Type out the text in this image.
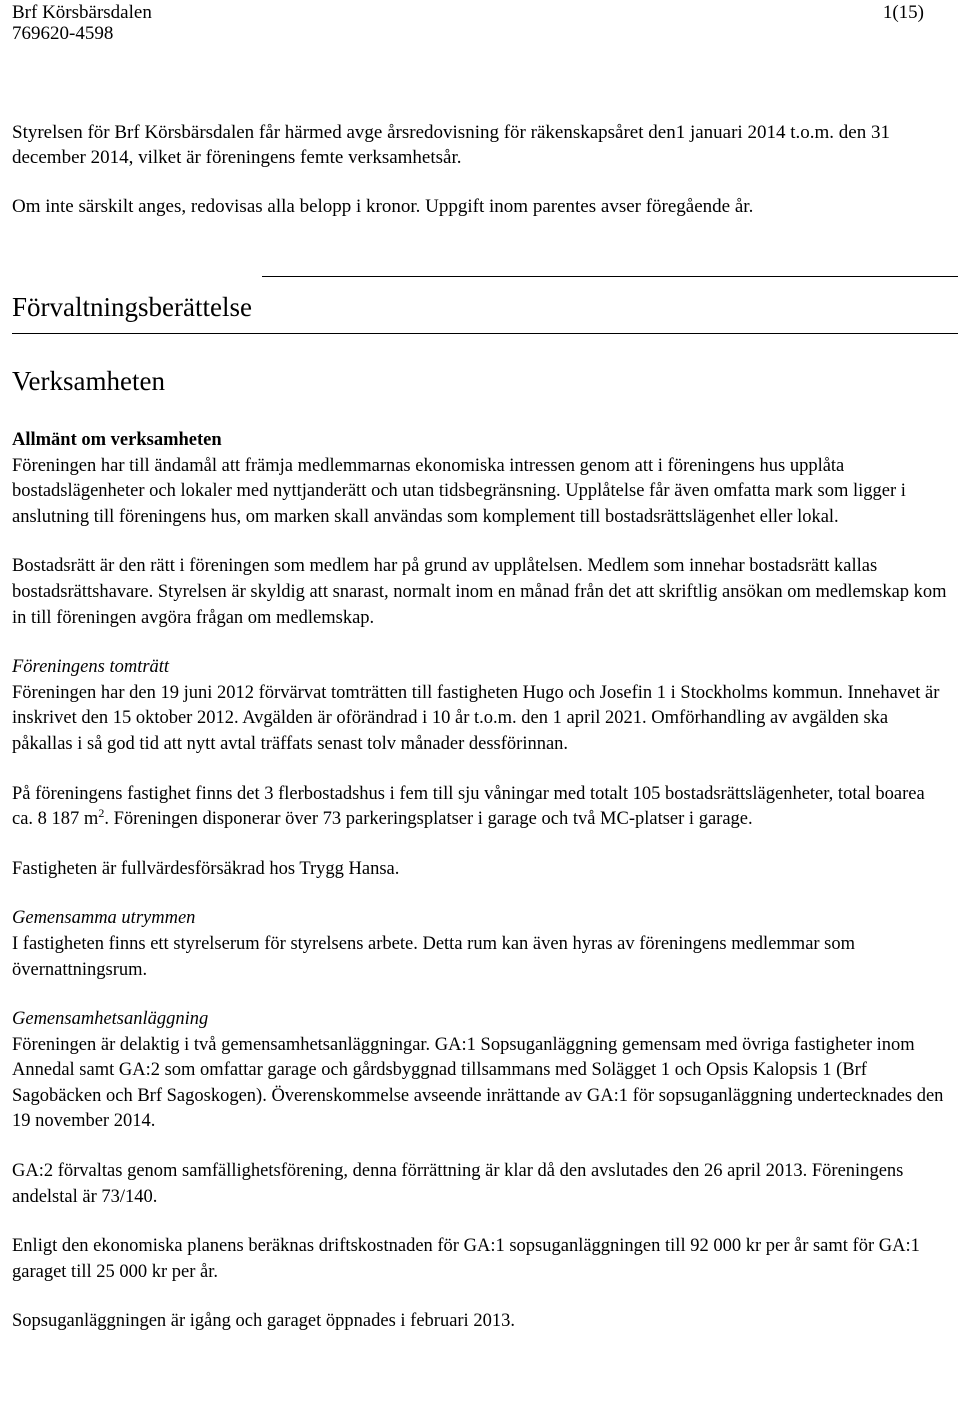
Brf Körsbärsdalen
769620-4598
1(15)

Styrelsen för Brf Körsbärsdalen får härmed avge årsredovisning för räkenskapsåret den1 januari 2014 t.o.m. den 31 december 2014, vilket är föreningens femte verksamhetsår.

Om inte särskilt anges, redovisas alla belopp i kronor. Uppgift inom parentes avser föregående år.

Förvaltningsberättelse
Verksamheten
Allmänt om verksamheten

Föreningen har till ändamål att främja medlemmarnas ekonomiska intressen genom att i föreningens hus upplåta bostadslägenheter och lokaler med nyttjanderätt och utan tidsbegränsning. Upplåtelse får även omfatta mark som ligger i anslutning till föreningens hus, om marken skall användas som komplement till bostadsrättslägenhet eller lokal.

Bostadsrätt är den rätt i föreningen som medlem har på grund av upplåtelsen. Medlem som innehar bostadsrätt kallas bostadsrättshavare. Styrelsen är skyldig att snarast, normalt inom en månad från det att skriftlig ansökan om medlemskap kom in till föreningen avgöra frågan om medlemskap.

Föreningens tomträtt

Föreningen har den 19 juni 2012 förvärvat tomträtten till fastigheten Hugo och Josefin 1 i Stockholms kommun. Innehavet är inskrivet den 15 oktober 2012. Avgälden är oförändrad i 10 år t.o.m. den 1 april 2021. Omförhandling av avgälden ska påkallas i så god tid att nytt avtal träffats senast tolv månader dessförinnan.

På föreningens fastighet finns det 3 flerbostadshus i fem till sju våningar med totalt 105 bostadsrättslägenheter, total boarea ca. 8 187 $m^2$. Föreningen disponerar över 73 parkeringsplatser i garage och två MC-platser i garage.

Fastigheten är fullvärdesförsäkrad hos Trygg Hansa.

Gemensamma utrymmen

I fastigheten finns ett styrelserum för styrelsens arbete. Detta rum kan även hyras av föreningens medlemmar som övernattningsrum.

Gemensamhetsanläggning

Föreningen är delaktig i två gemensamhetsanläggningar. GA:1 Sopsuganläggning gemensam med övriga fastigheter inom Annedal samt GA:2 som omfattar garage och gårdsbyggnad tillsammans med Solägget 1 och Opsis Kalopsis 1 (Brf Sagobäcken och Brf Sagoskogen). Överenskommelse avseende inrättande av GA:1 för sopsuganläggning undertecknades den 19 november 2014.

GA:2 förvaltas genom samfällighetsförening, denna förrättning är klar då den avslutades den 26 april 2013. Föreningens andelstal är 73/140.

Enligt den ekonomiska planens beräknas driftskostnaden för GA:1 sopsuganläggningen till 92 000 kr per år samt för GA:1 garaget till 25 000 kr per år.

Sopsuganläggningen är igång och garaget öppnades i februari 2013.
